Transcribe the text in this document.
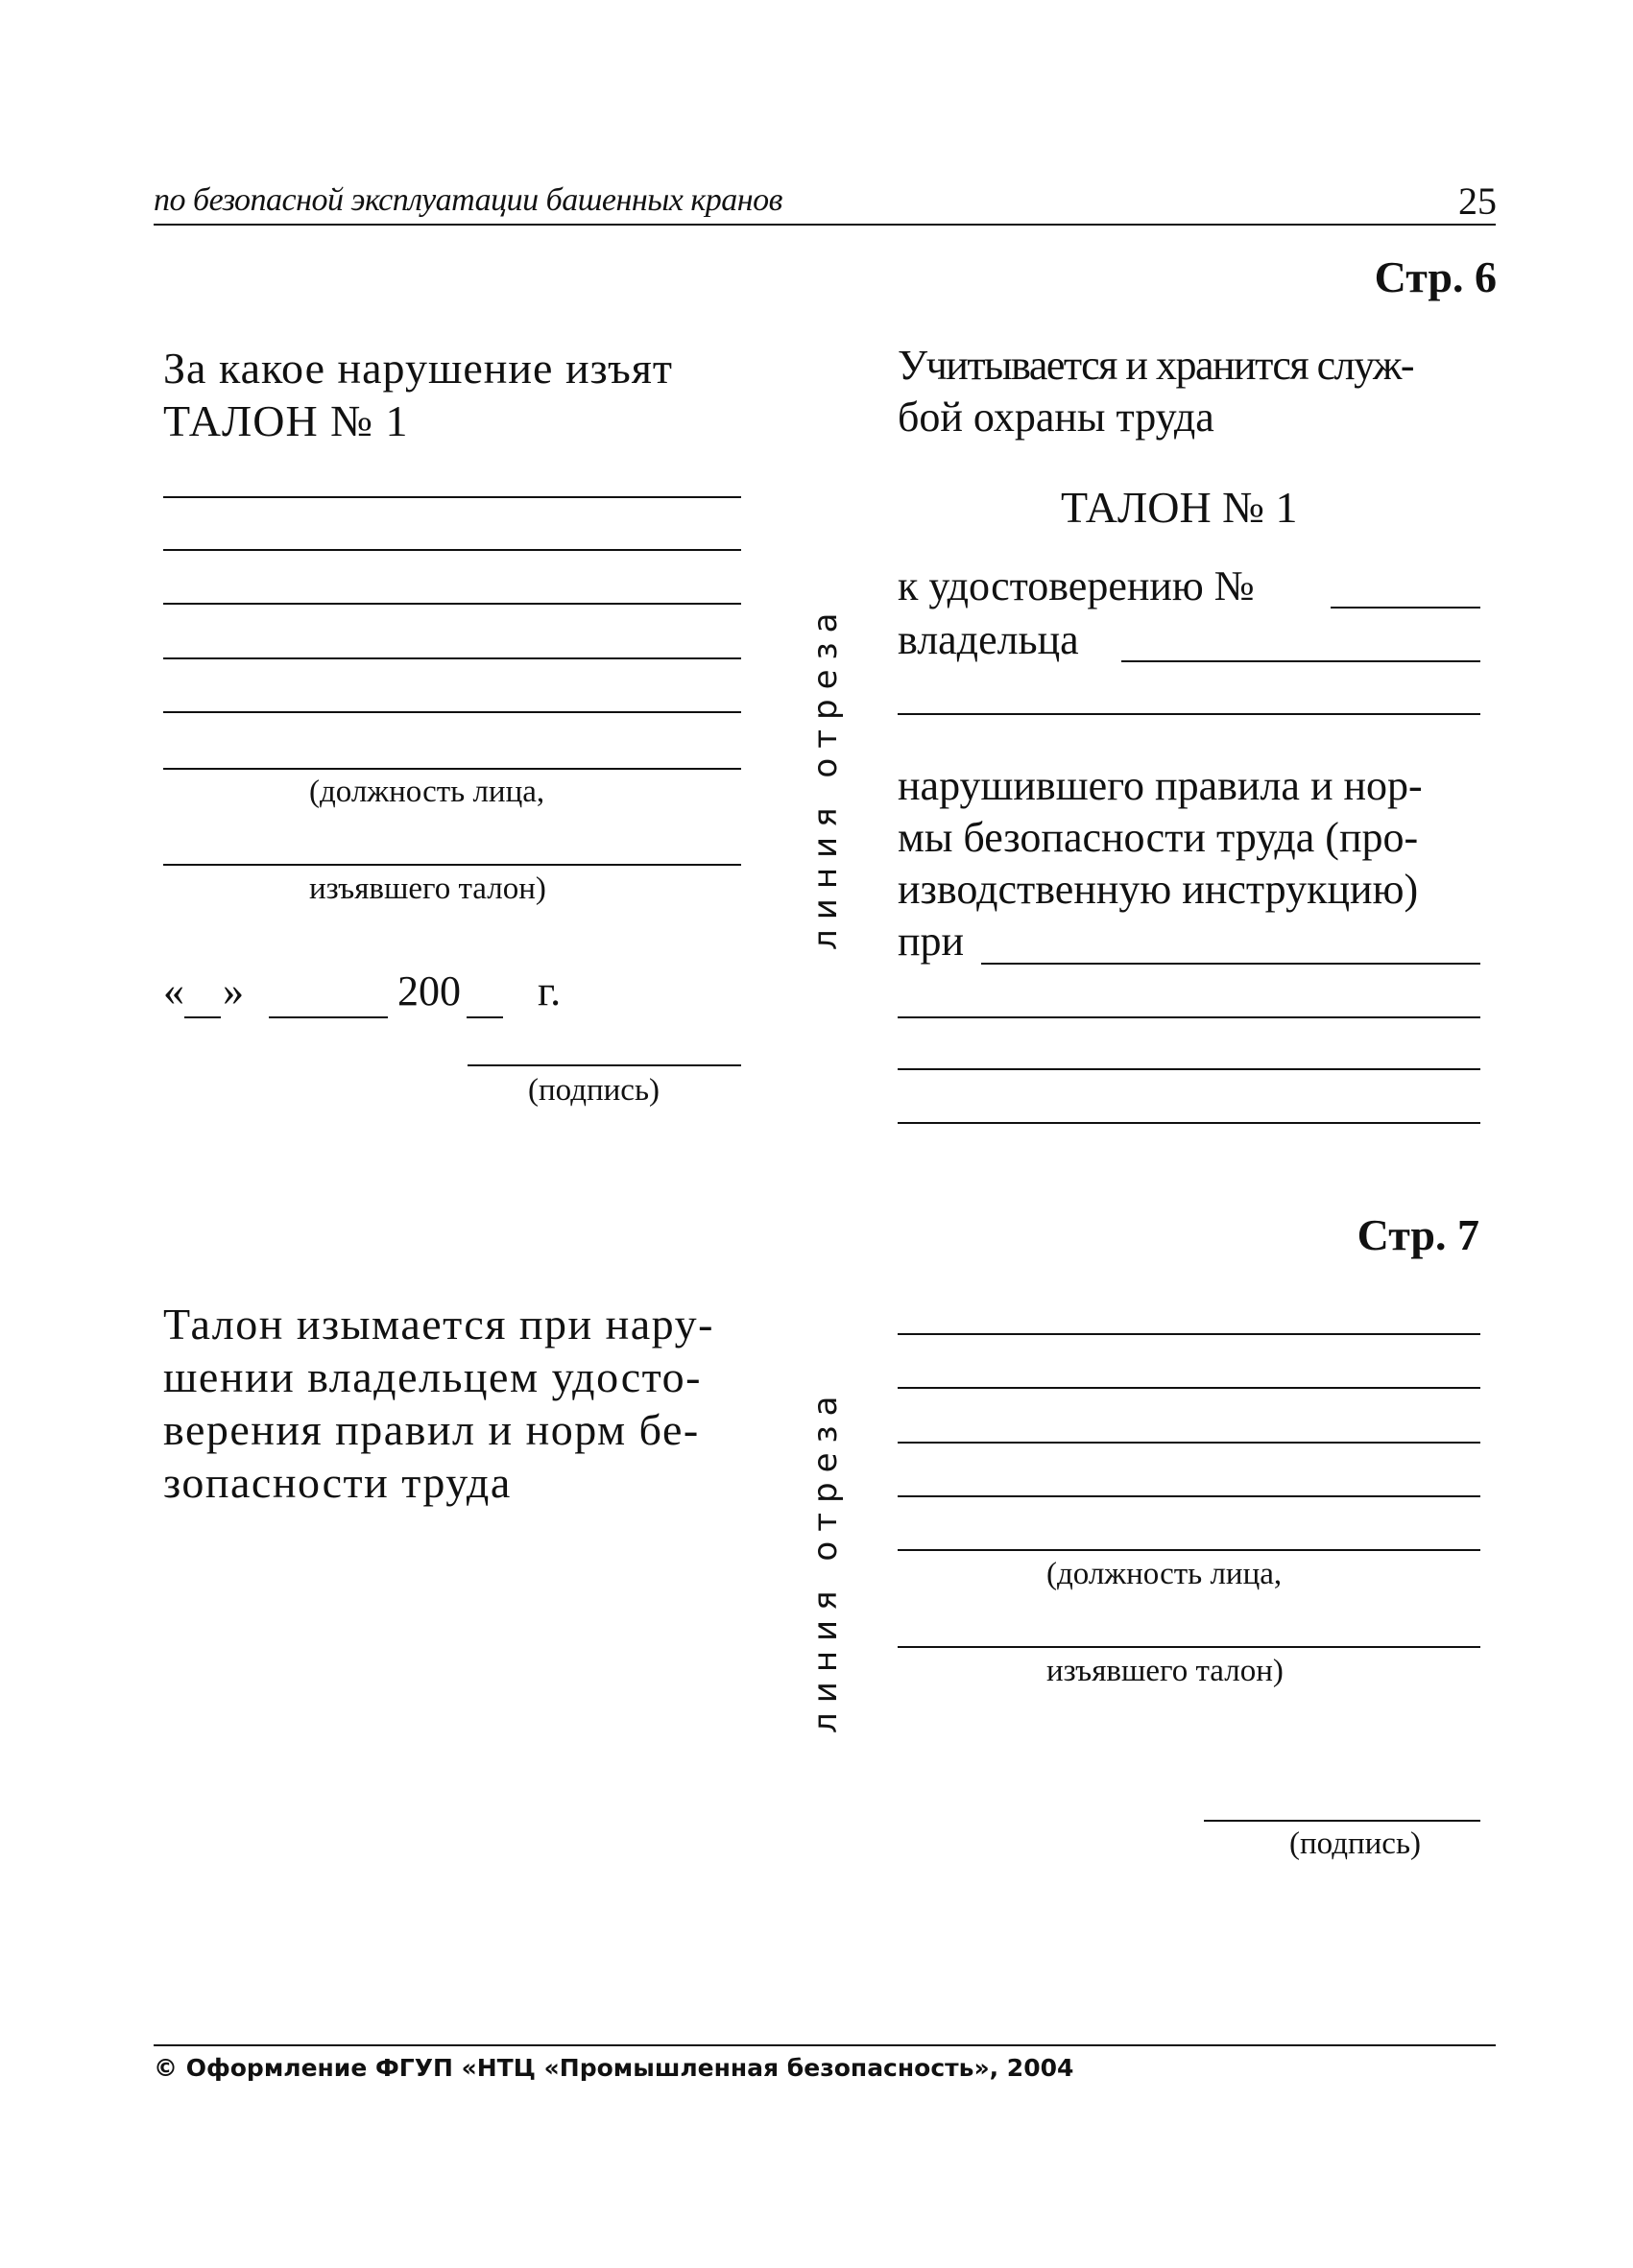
по безопасной эксплуатации башенных кранов	25
Стр. 6
За какое нарушение изъят
ТАЛОН № 1
(должность лица,
изъявшего талон)
« »	200 г.
(подпись)
линия отреза
Учитывается и хранится служ-
бой охраны труда
ТАЛОН № 1
к удостоверению №
владельца
нарушившего правила и нор-
мы безопасности труда (про-
изводственную инструкцию)
при
Стр. 7
Талон изымается при нару-
шении владельцем удосто-
верения правил и норм бе-
зопасности труда	линия отреза	(должность лица,
изъявшего талон)
(подпись)
© Оформление ФГУП «НТЦ «Промышленная безопасность», 2004
